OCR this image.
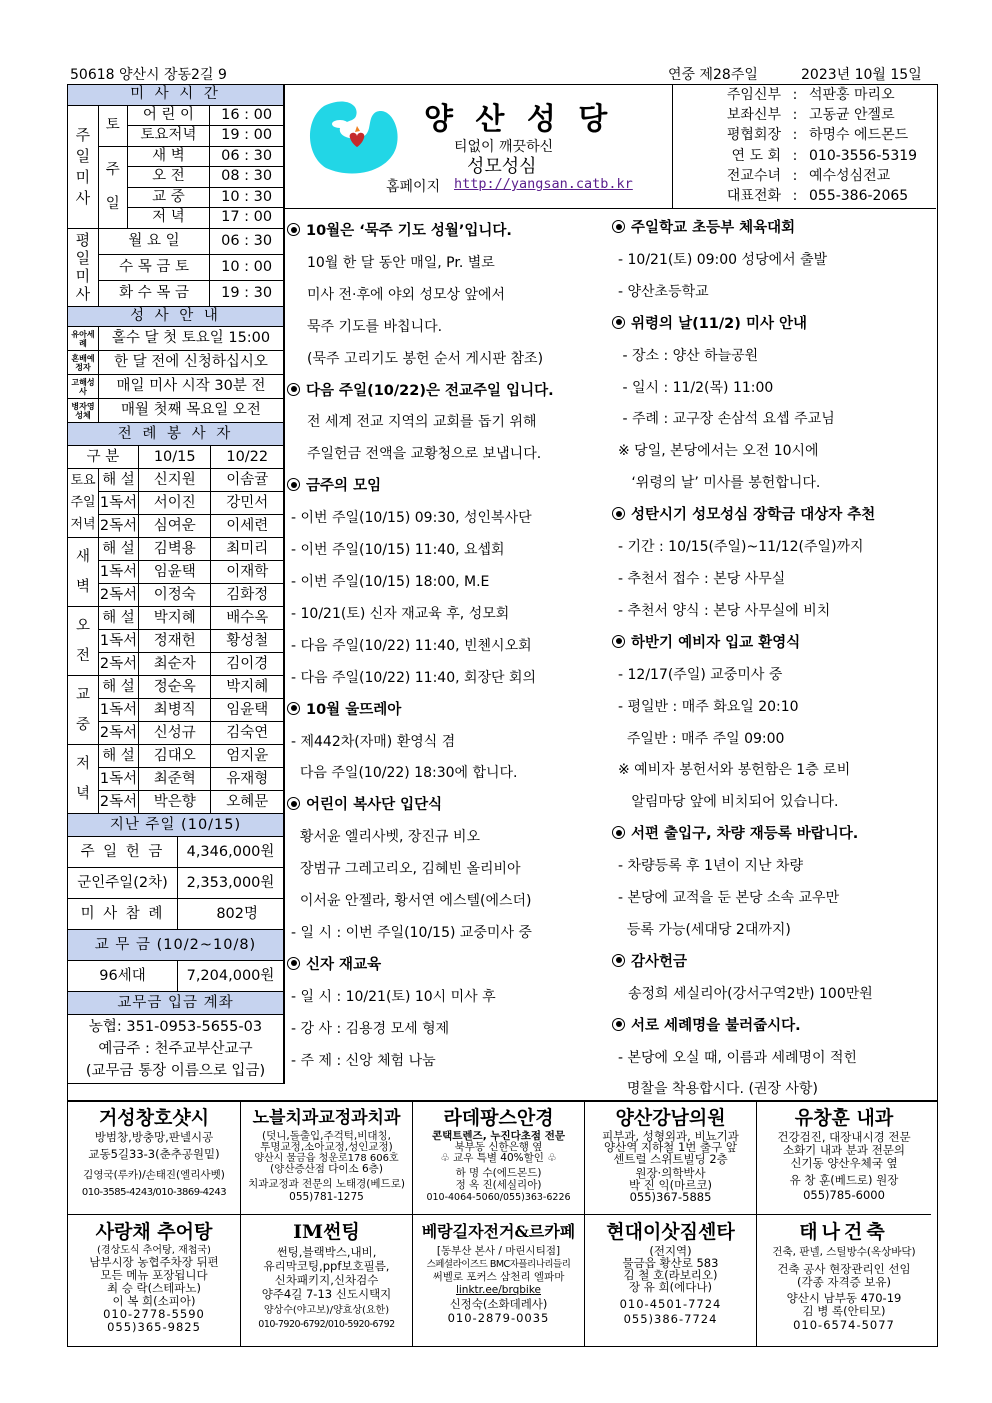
50618 양산시 장동2길 9	연중 제28주일	2023년 10월 15일
양 산 성 당
티없이 깨끗하신
성모성심
홈페이지 http://yangsan.catb.kr
주임신부 : 석판홍 마리오
보좌신부 : 고동균 안젤로
평협회장 : 하명수 에드몬드
연 도 회 : 010-3556-5319
전교수녀 : 예수성심전교
대표전화 : 055-386-2065
미 사 시 간			
주
일
미
사	토	어 린 이	16 : 00
		토요저녁	19 : 00
	주
일	새 벽	06 : 30
		오 전	08 : 30
		교 중	10 : 30
		저 녁	17 : 00
평
일
미
사	월 요 일		06 : 30
	수 목 금 토		10 : 00
	화 수 목 금		19 : 30
성 사 안 내	
유아세례	홀수 달 첫 토요일 15:00
혼배예정자	한 달 전에 신청하십시오
고해성사	매일 미사 시작 30분 전
병자영성체	매월 첫째 목요일 오전
전 례 봉 사 자			
구 분		10/15	10/22
토요주일저녁	해 설	신지원	이솜귤
	1독서	서이진	강민서
	2독서	심여운	이세련
새벽	해 설	김벽용	최미리
	1독서	임윤택	이재학
	2독서	이정숙	김화정
오전	해 설	박지혜	배수옥
	1독서	정재헌	황성철
	2독서	최순자	김이경
교중	해 설	정순옥	박지혜
	1독서	최병직	임윤택
	2독서	신성규	김숙연
저녁	해 설	김대오	엄지윤
	1독서	최준혁	유재형
	2독서	박은향	오혜문
지난 주일 (10/15)	
주 일 헌 금	4,346,000원
군인주일(2차)	2,353,000원
미 사 참 례	802명
교 무 금 (10/2~10/8)	
96세대	7,204,000원
교무금 입금 계좌	

농협: 351-0953-5655-03
예금주 : 천주교부산교구
(교무금 통장 이름으로 입금)	
10월은 ‘묵주 기도 성월’입니다.
10월 한 달 동안 매일, Pr. 별로
미사 전·후에 야외 성모상 앞에서
묵주 기도를 바칩니다.
(묵주 고리기도 봉헌 순서 게시판 참조)
다음 주일(10/22)은 전교주일 입니다.
전 세계 전교 지역의 교회를 돕기 위해
주일헌금 전액을 교황청으로 보냅니다.
금주의 모임
- 이번 주일(10/15) 09:30, 성인복사단
- 이번 주일(10/15) 11:40, 요셉회
- 이번 주일(10/15) 18:00, M.E
- 10/21(토) 신자 재교육 후, 성모회
- 다음 주일(10/22) 11:40, 빈첸시오회
- 다음 주일(10/22) 11:40, 회장단 회의
10월 울뜨레아
- 제442차(자매) 환영식 겸
다음 주일(10/22) 18:30에 합니다.
어린이 복사단 입단식
황서윤 엘리사벳, 장진규 비오
장범규 그레고리오, 김혜빈 올리비아
이서윤 안젤라, 황서연 에스텔(에스더)
- 일 시 : 이번 주일(10/15) 교중미사 중
신자 재교육
- 일 시 : 10/21(토) 10시 미사 후
- 강 사 : 김용경 모세 형제
- 주 제 : 신앙 체험 나눔
주일학교 초등부 체육대회
- 10/21(토) 09:00 성당에서 출발
- 양산초등학교
위령의 날(11/2) 미사 안내
- 장소 : 양산 하늘공원
- 일시 : 11/2(목) 11:00
- 주례 : 교구장 손삼석 요셉 주교님
※ 당일, 본당에서는 오전 10시에
‘위령의 날’ 미사를 봉헌합니다.
성탄시기 성모성심 장학금 대상자 추천
- 기간 : 10/15(주일)~11/12(주일)까지
- 추천서 접수 : 본당 사무실
- 추천서 양식 : 본당 사무실에 비치
하반기 예비자 입교 환영식
- 12/17(주일) 교중미사 중
- 평일반 : 매주 화요일 20:10
주일반 : 매주 주일 09:00
※ 예비자 봉헌서와 봉헌함은 1층 로비
알림마당 앞에 비치되어 있습니다.
서편 출입구, 차량 재등록 바랍니다.
- 차량등록 후 1년이 지난 차량
- 본당에 교적을 둔 본당 소속 교우만
등록 가능(세대당 2대까지)
감사헌금
송정희 세실리아(강서구역2반) 100만원
서로 세례명을 불러줍시다.
- 본당에 오실 때, 이름과 세례명이 적힌
명찰을 착용합시다. (권장 사항)
거성창호샷시
방범창,방충망,판넬시공
교동5길33-3(춘추공원밑)
김영국(루카)/손태진(엘리사벳)
010-3585-4243/010-3869-4243
노블치과교정과치과
(덧니,돌출입,주걱턱,비대칭,
투명교정,소아교정,성인교정)
양산시 물금읍 청운로178 606호
(양산증산점 다이소 6층)
치과교정과 전문의 노태경(베드로)
055)781-1275
라데팡스안경
콘택트렌즈, 누진다초점 전문
북부동 신한은행 옆
♧ 교우 특별 40%할인 ♧
하 명 수(에드몬드)
정 옥 진(세실리아)
010-4064-5060/055)363-6226
양산강남의원
피부과, 성형외과, 비뇨기과
양산역 지하철 1번 출구 앞
센트럴 스위트빌딩 2층
원장·의학박사
박 진 익(마르코)
055)367-5885
유창훈 내과
건강검진, 대장내시경 전문
소화기 내과 분과 전문의
신기동 양산우체국 옆
유 창 훈(베드로) 원장
055)785-6000
사랑채 추어탕
(경상도식 추어탕, 재첩국)
남부시장 농협주차장 뒤편
모든 메뉴 포장됩니다
최 승 락(스테파노)
이 복 희(소피아)
010-2778-5590
055)365-9825
IM썬팅
썬팅,블랙박스,내비,
유리막코팅,ppf보호필름,
신차패키지,신차검수
양주4길 7-13 신도시택지
양상수(야고보)/양효상(요한)
010-7920-6792/010-5920-6792
베랑길자전거&르카페
[동부산 본사 / 마린시티점]
스페셜라이즈드 BMC자플리나리들리
써벨로 포커스 삼천리 엘파마
linktr.ee/brqbike
신정숙(소화데레사)
010-2879-0035
현대이삿짐센타
(전지역)
물금읍 황산로 583
김 철 호(라보리오)
장 유 희(에다나)
010-4501-7724
055)386-7724
태나건축
건축, 판넬, 스틸방수(옥상바닥)
건축 공사 현장관리인 선임
(각종 자격증 보유)
양산시 남부동 470-19
김 병 록(안티모)
010-6574-5077
